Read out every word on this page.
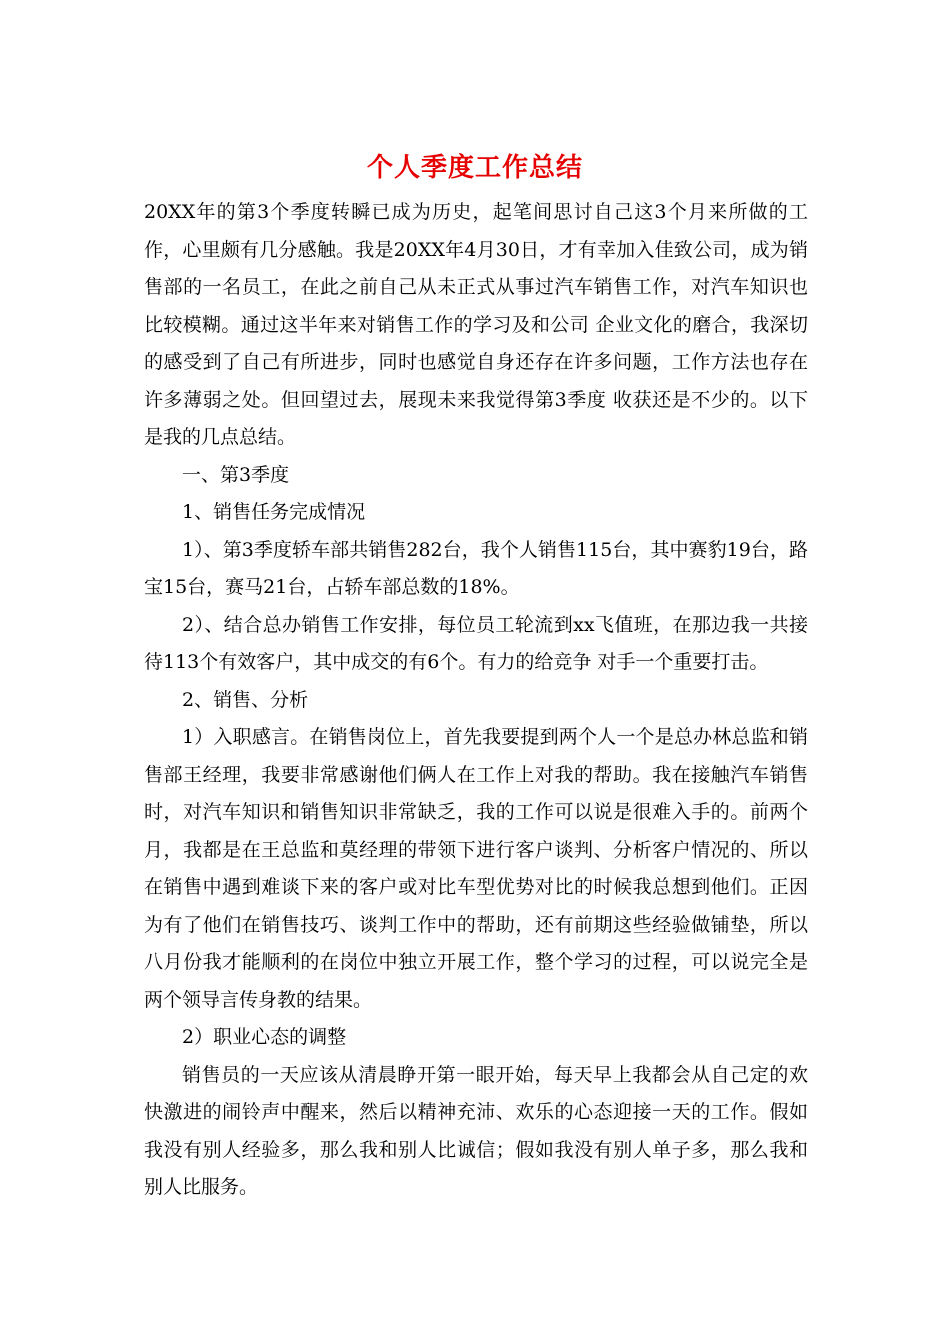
个人季度工作总结

20XX年的第3个季度转瞬已成为历史，起笔间思讨自己这3个月来所做的工作，心里颇有几分感触。我是20XX年4月30日，才有幸加入佳致公司，成为销售部的一名员工，在此之前自己从未正式从事过汽车销售工作，对汽车知识也比较模糊。通过这半年来对销售工作的学习及和公司 企业文化的磨合，我深切的感受到了自己有所进步，同时也感觉自身还存在许多问题，工作方法也存在许多薄弱之处。但回望过去，展现未来我觉得第3季度 收获还是不少的。以下是我的几点总结。

一、第3季度

1、销售任务完成情况

1）、第3季度轿车部共销售282台，我个人销售115台，其中赛豹19台，路宝15台，赛马21台，占轿车部总数的18%。

2）、结合总办销售工作安排，每位员工轮流到xx飞值班，在那边我一共接待113个有效客户，其中成交的有6个。有力的给竞争 对手一个重要打击。

2、销售、分析

1）入职感言。在销售岗位上，首先我要提到两个人一个是总办林总监和销售部王经理，我要非常感谢他们俩人在工作上对我的帮助。我在接触汽车销售时，对汽车知识和销售知识非常缺乏，我的工作可以说是很难入手的。前两个月，我都是在王总监和莫经理的带领下进行客户谈判、分析客户情况的、所以在销售中遇到难谈下来的客户或对比车型优势对比的时候我总想到他们。正因为有了他们在销售技巧、谈判工作中的帮助，还有前期这些经验做铺垫，所以八月份我才能顺利的在岗位中独立开展工作，整个学习的过程，可以说完全是两个领导言传身教的结果。

2）职业心态的调整

销售员的一天应该从清晨睁开第一眼开始，每天早上我都会从自己定的欢快激进的闹铃声中醒来，然后以精神充沛、欢乐的心态迎接一天的工作。假如我没有别人经验多，那么我和别人比诚信；假如我没有别人单子多，那么我和别人比服务。
